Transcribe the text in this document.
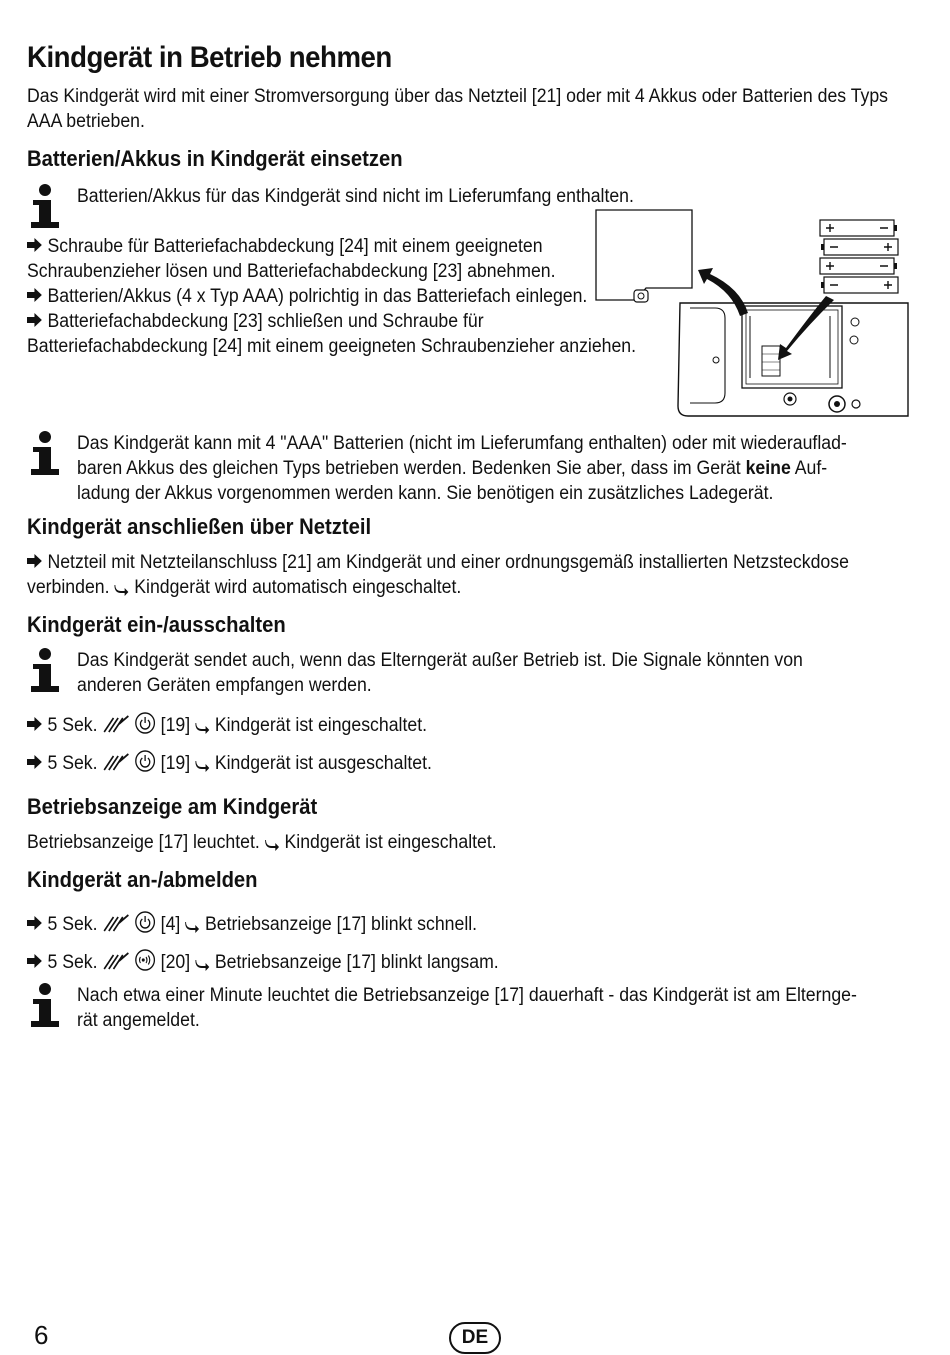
Kindgerät in Betrieb nehmen

Das Kindgerät wird mit einer Stromversorgung über das Netzteil [21] oder mit 4 Akkus oder Batterien des Typs AAA betrieben.

Batterien/Akkus in Kindgerät einsetzen

Batterien/Akkus für das Kindgerät sind nicht im Lieferumfang enthalten.

Schraube für Batteriefachabdeckung [24] mit einem geeigneten

Schraubenzieher lösen und Batteriefachabdeckung [23] abnehmen.

Batterien/Akkus (4 x Typ AAA) polrichtig in das Batteriefach einlegen.

Batteriefachabdeckung [23] schließen und Schraube für

Batteriefachabdeckung [24] mit einem geeigneten Schraubenzieher anziehen.

Das Kindgerät kann mit 4 "AAA" Batterien (nicht im Lieferumfang enthalten) oder mit wiederauflad-

baren Akkus des gleichen Typs betrieben werden. Bedenken Sie aber, dass im Gerät keine Auf-

ladung der Akkus vorgenommen werden kann. Sie benötigen ein zusätzliches Ladegerät.

Kindgerät anschließen über Netzteil

Netzteil mit Netzteilanschluss [21] am Kindgerät und einer ordnungsgemäß installierten Netzsteckdose

verbinden. Kindgerät wird automatisch eingeschaltet.

Kindgerät ein-/ausschalten

Das Kindgerät sendet auch, wenn das Elterngerät außer Betrieb ist. Die Signale könnten von

anderen Geräten empfangen werden.

5 Sek.	[19] Kindgerät ist eingeschaltet.

5 Sek.	[19] Kindgerät ist ausgeschaltet.

Betriebsanzeige am Kindgerät

Betriebsanzeige [17] leuchtet. Kindgerät ist eingeschaltet.

Kindgerät an-/abmelden

5 Sek.	[4] Betriebsanzeige [17] blinkt schnell.

5 Sek.	[20] Betriebsanzeige [17] blinkt langsam.

Nach etwa einer Minute leuchtet die Betriebsanzeige [17] dauerhaft - das Kindgerät ist am Elternge-

rät angemeldet.

6	DE
